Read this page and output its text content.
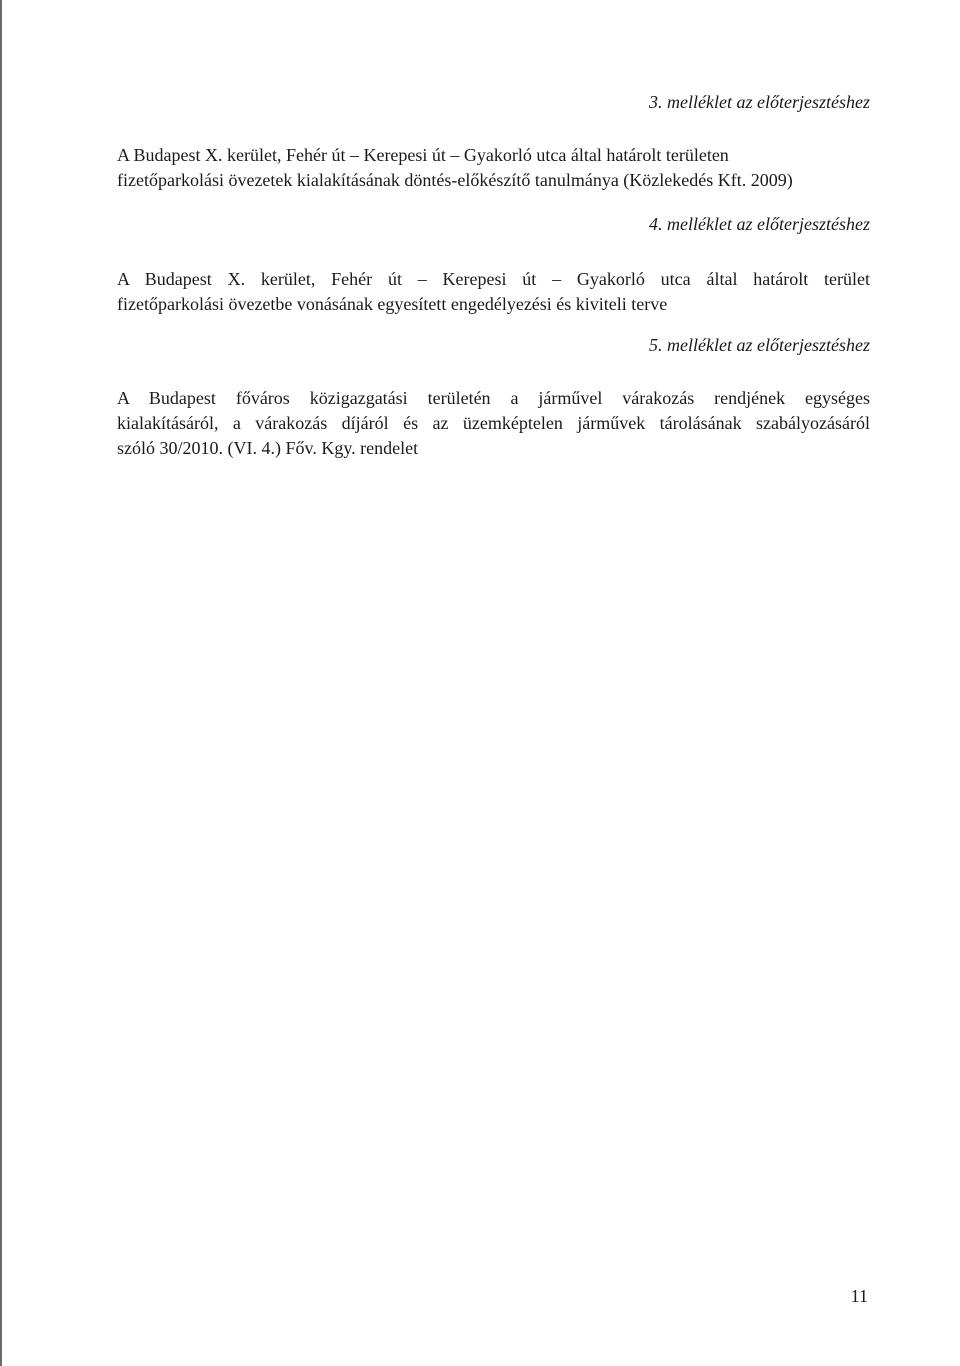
3. melléklet az előterjesztéshez

A Budapest X. kerület, Fehér út – Kerepesi út – Gyakorló utca által határolt területen
fizetőparkolási övezetek kialakításának döntés-előkészítő tanulmánya (Közlekedés Kft. 2009)

4. melléklet az előterjesztéshez

A Budapest X. kerület, Fehér út – Kerepesi út – Gyakorló utca által határolt terület
fizetőparkolási övezetbe vonásának egyesített engedélyezési és kiviteli terve

5. melléklet az előterjesztéshez

A Budapest főváros közigazgatási területén a járművel várakozás rendjének egységes
kialakításáról, a várakozás díjáról és az üzemképtelen járművek tárolásának szabályozásáról
szóló 30/2010. (VI. 4.) Főv. Kgy. rendelet

11
